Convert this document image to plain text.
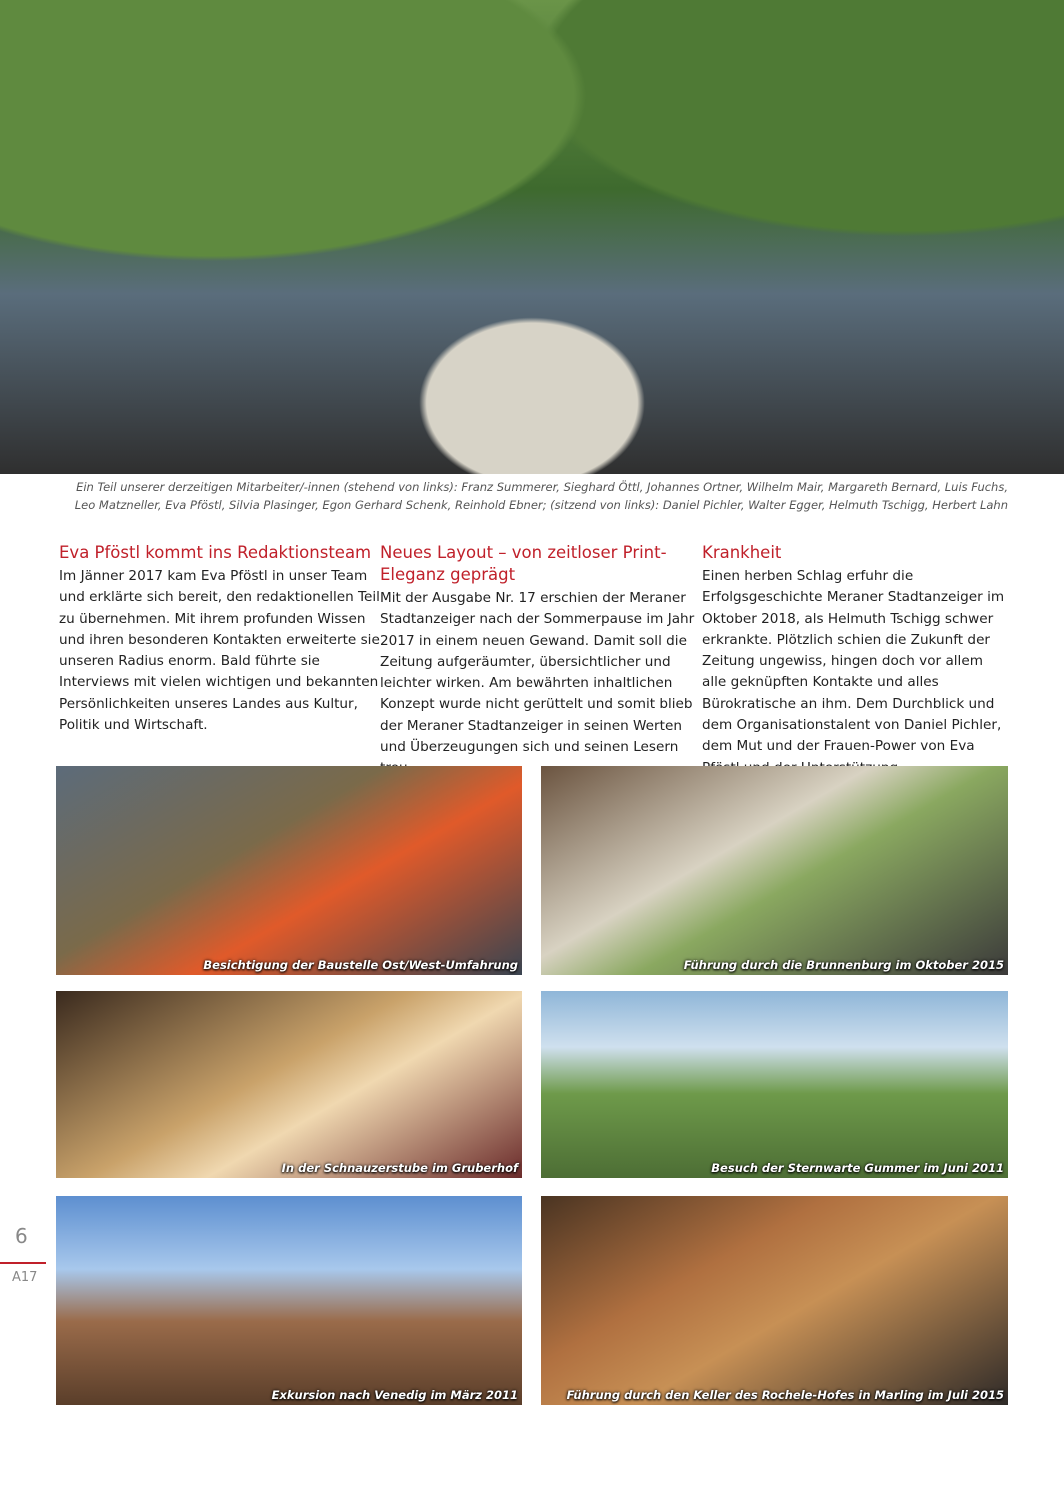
Ein Teil unserer derzeitigen Mitarbeiter/-innen (stehend von links): Franz Summerer, Sieghard Öttl, Johannes Ortner, Wilhelm Mair, Margareth Bernard, Luis Fuchs,
Leo Matzneller, Eva Pföstl, Silvia Plasinger, Egon Gerhard Schenk, Reinhold Ebner; (sitzend von links): Daniel Pichler, Walter Egger, Helmuth Tschigg, Herbert Lahn
Eva Pföstl kommt ins Redaktionsteam

Im Jänner 2017 kam Eva Pföstl in unser Team und erklärte sich bereit, den redaktionellen Teil zu übernehmen. Mit ihrem profunden Wissen und ihren besonderen Kontakten erweiterte sie unseren Radius enorm. Bald führte sie Interviews mit vielen wichtigen und bekannten Persönlichkeiten unseres Landes aus Kultur, Politik und Wirtschaft.

Neues Layout – von zeitloser Print-Eleganz geprägt

Mit der Ausgabe Nr. 17 erschien der Meraner Stadtanzeiger nach der Sommerpause im Jahr 2017 in einem neuen Gewand. Damit soll die Zeitung aufgeräumter, übersichtlicher und leichter wirken. Am bewährten inhaltlichen Konzept wurde nicht gerüttelt und somit blieb der Meraner Stadtanzeiger in seinen Werten und Überzeugungen sich und seinen Lesern

Krankheit

Einen herben Schlag erfuhr die Erfolgsgeschichte Meraner Stadtanzeiger im Oktober 2018, als Helmuth Tschigg schwer erkrankte. Plötzlich schien die Zukunft der Zeitung ungewiss, hingen doch vor allem alle geknüpften Kontakte und alles Bürokratische an ihm. Dem Durchblick und dem Organisationstalent von Daniel Pichler, dem Mut und der Frauen-Power von Eva

Besichtigung der Baustelle Ost/West-Umfahrung	Führung durch die Brunnenburg im Oktober 2015
In der Schnauzerstube im Gruberhof	Besuch der Sternwarte Gummer im Juni 2011
Exkursion nach Venedig im März 2011	Führung durch den Keller des Rochele-Hofes in Marling im Juli 2015
6
A17
